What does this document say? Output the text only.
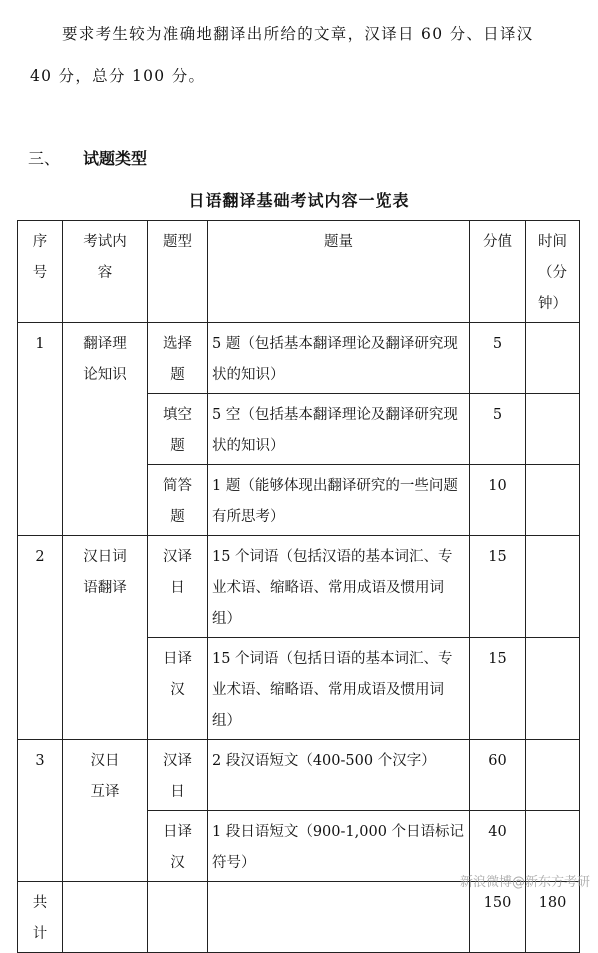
要求考生较为准确地翻译出所给的文章，汉译日 60 分、日译汉
40 分，总分 100 分。
三、 试题类型
日语翻译基础考试内容一览表
序号	考试内容	题型	题量	分值	时间（分钟）
1	翻译理论知识	选择题	5 题（包括基本翻译理论及翻译研究现状的知识）	5	
		填空题	5 空（包括基本翻译理论及翻译研究现状的知识）	5	
		简答题	1 题（能够体现出翻译研究的一些问题有所思考）	10	
2	汉日词语翻译	汉译日	15 个词语（包括汉语的基本词汇、专业术语、缩略语、常用成语及惯用词组）	15	
		日译汉	15 个词语（包括日语的基本词汇、专业术语、缩略语、常用成语及惯用词组）	15	
3	汉日互译	汉译日	2 段汉语短文（400-500 个汉字）	60	
		日译汉	1 段日语短文（900-1,000 个日语标记符号）	40	
共计				150	180
新浪微博@新东方考研
